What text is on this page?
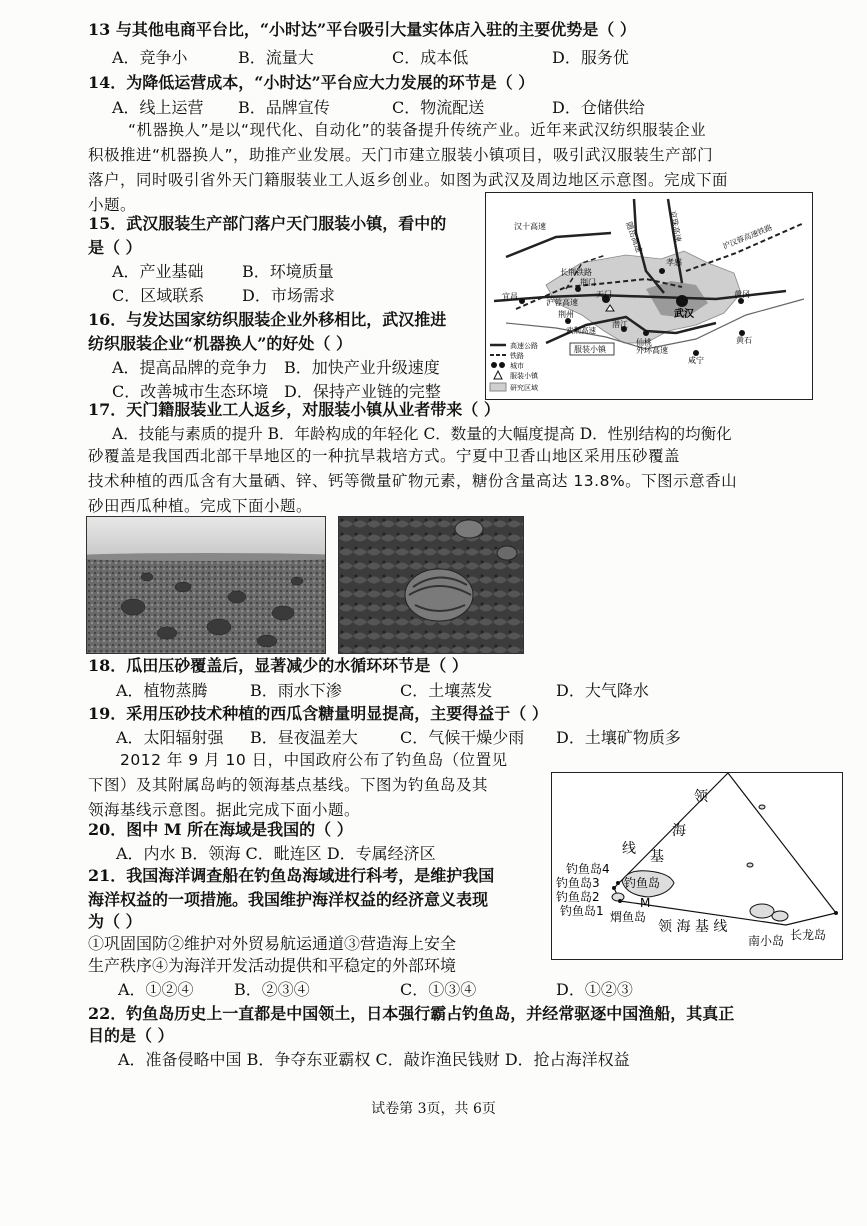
13 与其他电商平台比，“小时达”平台吸引大量实体店入驻的主要优势是（ ）
A．竞争小	B．流量大	C．成本低	D．服务优
14．为降低运营成本，“小时达”平台应大力发展的环节是（ ）
A．线上运营 B．品牌宣传	C．物流配送	D．仓储供给
“机器换人”是以“现代化、自动化”的装备提升传统产业。近年来武汉纺织服装企业
积极推进“机器换人”，助推产业发展。天门市建立服装小镇项目，吸引武汉服装生产部门
落户，同时吸引省外天门籍服装业工人返乡创业。如图为武汉及周边地区示意图。完成下面
小题。
15．武汉服装生产部门落户天门服装小镇，看中的
是（ ）
A．产业基础 B．环境质量
C．区域联系 D．市场需求
16．与发达国家纺织服装企业外移相比，武汉推进
纺织服装企业“机器换人”的好处（ ）
A．提高品牌的竞争力 B．加快产业升级速度
C．改善城市生态环境 D．保持产业链的完整
汉十高速	随岳高速	京珠高速	沪汉蓉高速铁路
长荆铁路
孝感
荆门
宜昌
沪蓉高速
天门
武汉
黄冈
荆州
潜江
仙桃	黄石
武荆高速
外环高速
咸宁
服装小镇
高速公路
铁路
城市
服装小镇
研究区域
17．天门籍服装业工人返乡，对服装小镇从业者带来（ ）
A．技能与素质的提升 B．年龄构成的年轻化 C．数量的大幅度提高 D．性别结构的均衡化
砂覆盖是我国西北部干旱地区的一种抗旱栽培方式。宁夏中卫香山地区采用压砂覆盖
技术种植的西瓜含有大量硒、锌、钙等微量矿物元素，糖份含量高达 13.8%。下图示意香山
砂田西瓜种植。完成下面小题。
18．瓜田压砂覆盖后，显著减少的水循环环节是（ ）
A．植物蒸腾	B．雨水下渗	C．土壤蒸发	D．大气降水
19．采用压砂技术种植的西瓜含糖量明显提高，主要得益于（ ）
A．太阳辐射强 B．昼夜温差大	C．气候干燥少雨 D．土壤矿物质多
2012 年 9 月 10 日，中国政府公布了钓鱼岛（位置见
下图）及其附属岛屿的领海基点基线。下图为钓鱼岛及其
领海基线示意图。据此完成下面小题。
20．图中 M 所在海域是我国的（ ）
A．内水 B．领海 C．毗连区 D．专属经济区
21．我国海洋调查船在钓鱼岛海域进行科考，是维护我国
海洋权益的一项措施。我国维护海洋权益的经济意义表现
为（ ）
①巩固国防②维护对外贸易航运通道③营造海上安全
生产秩序④为海洋开发活动提供和平稳定的外部环境
A．①②④	B．②③④	C．①③④	D．①②③
领
海
基
线
钓鱼岛4
钓鱼岛3
钓鱼岛2
钓鱼岛1
钓鱼岛
M
煟鱼岛
领 海 基 线
南小岛 长龙岛
22．钓鱼岛历史上一直都是中国领土，日本强行霸占钓鱼岛，并经常驱逐中国渔船，其真正
目的是（ ）
A．准备侵略中国 B．争夺东亚霸权 C．敲诈渔民钱财 D．抢占海洋权益
试卷第 3页，共 6页
